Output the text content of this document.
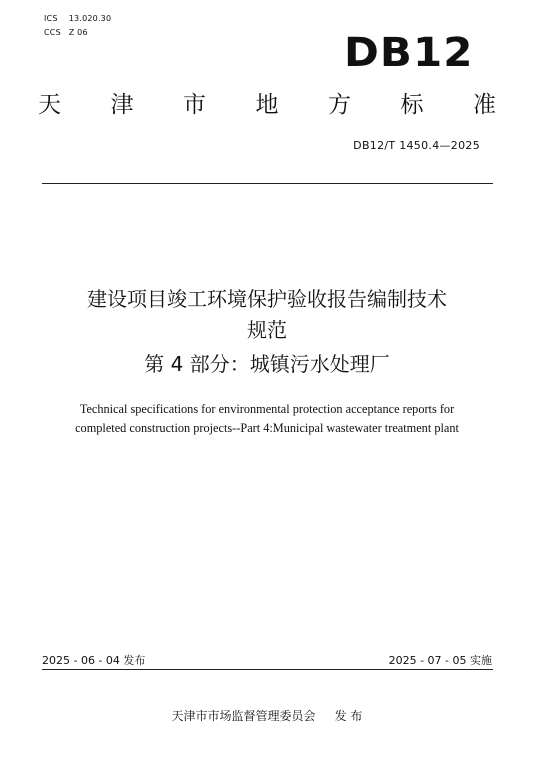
ICS 13.020.30
CCS Z 06	DB12
天 津 市 地 方 标 准
DB12/T 1450.4—2025
建设项目竣工环境保护验收报告编制技术
规范
第 4 部分：城镇污水处理厂
Technical specifications for environmental protection acceptance reports for
completed construction projects--Part 4:Municipal wastewater treatment plant
2025 - 06 - 04 发布	2025 - 07 - 05 实施
天津市市场监督管理委员会     发 布
